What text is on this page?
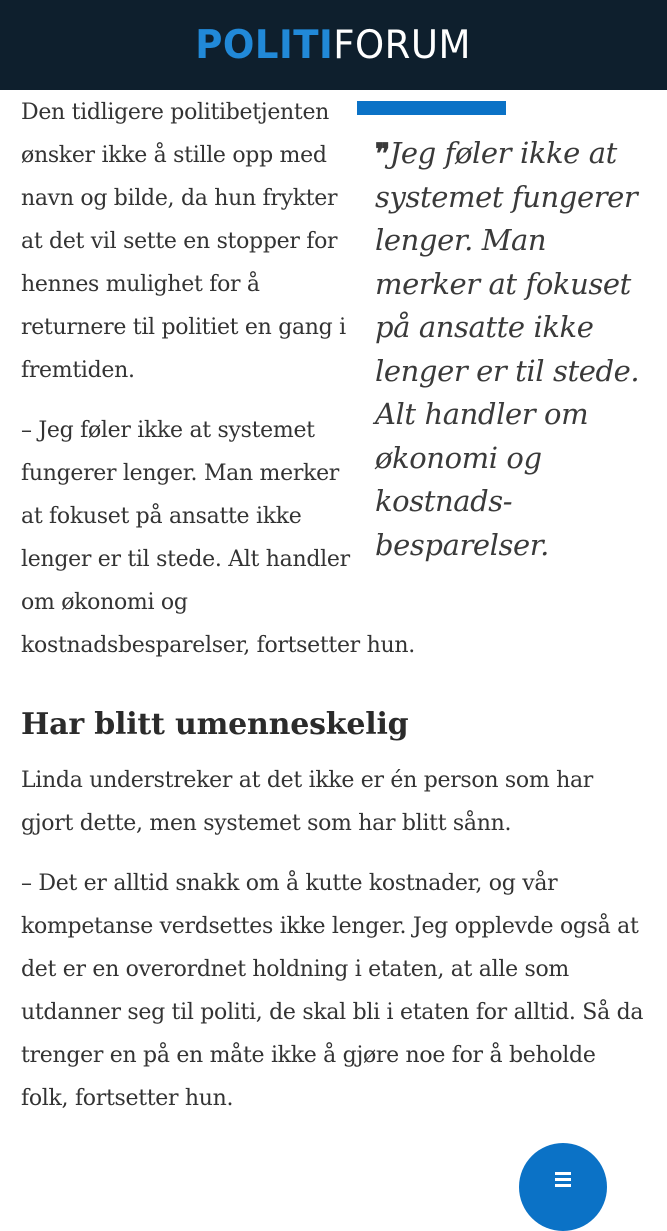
POLITIFORUM
❞Jeg føler ikke at systemet fungerer lenger. Man merker at fokuset på ansatte ikke lenger er til stede. Alt handler om økonomi og kostnadsbesparelser.

Den tidligere politibetjenten ønsker ikke å stille opp med navn og bilde, da hun frykter at det vil sette en stopper for hennes mulighet for å returnere til politiet en gang i fremtiden.

– Jeg føler ikke at systemet fungerer lenger. Man merker at fokuset på ansatte ikke lenger er til stede. Alt handler om økonomi og kostnadsbesparelser, fortsetter hun.

Har blitt umenneskelig

Linda understreker at det ikke er én person som har gjort dette, men systemet som har blitt sånn.

– Det er alltid snakk om å kutte kostnader, og vår kompetanse verdsettes ikke lenger. Jeg opplevde også at det er en overordnet holdning i etaten, at alle som utdanner seg til politi, de skal bli i etaten for alltid. Så da trenger en på en måte ikke å gjøre noe for å beholde folk, fortsetter hun.
